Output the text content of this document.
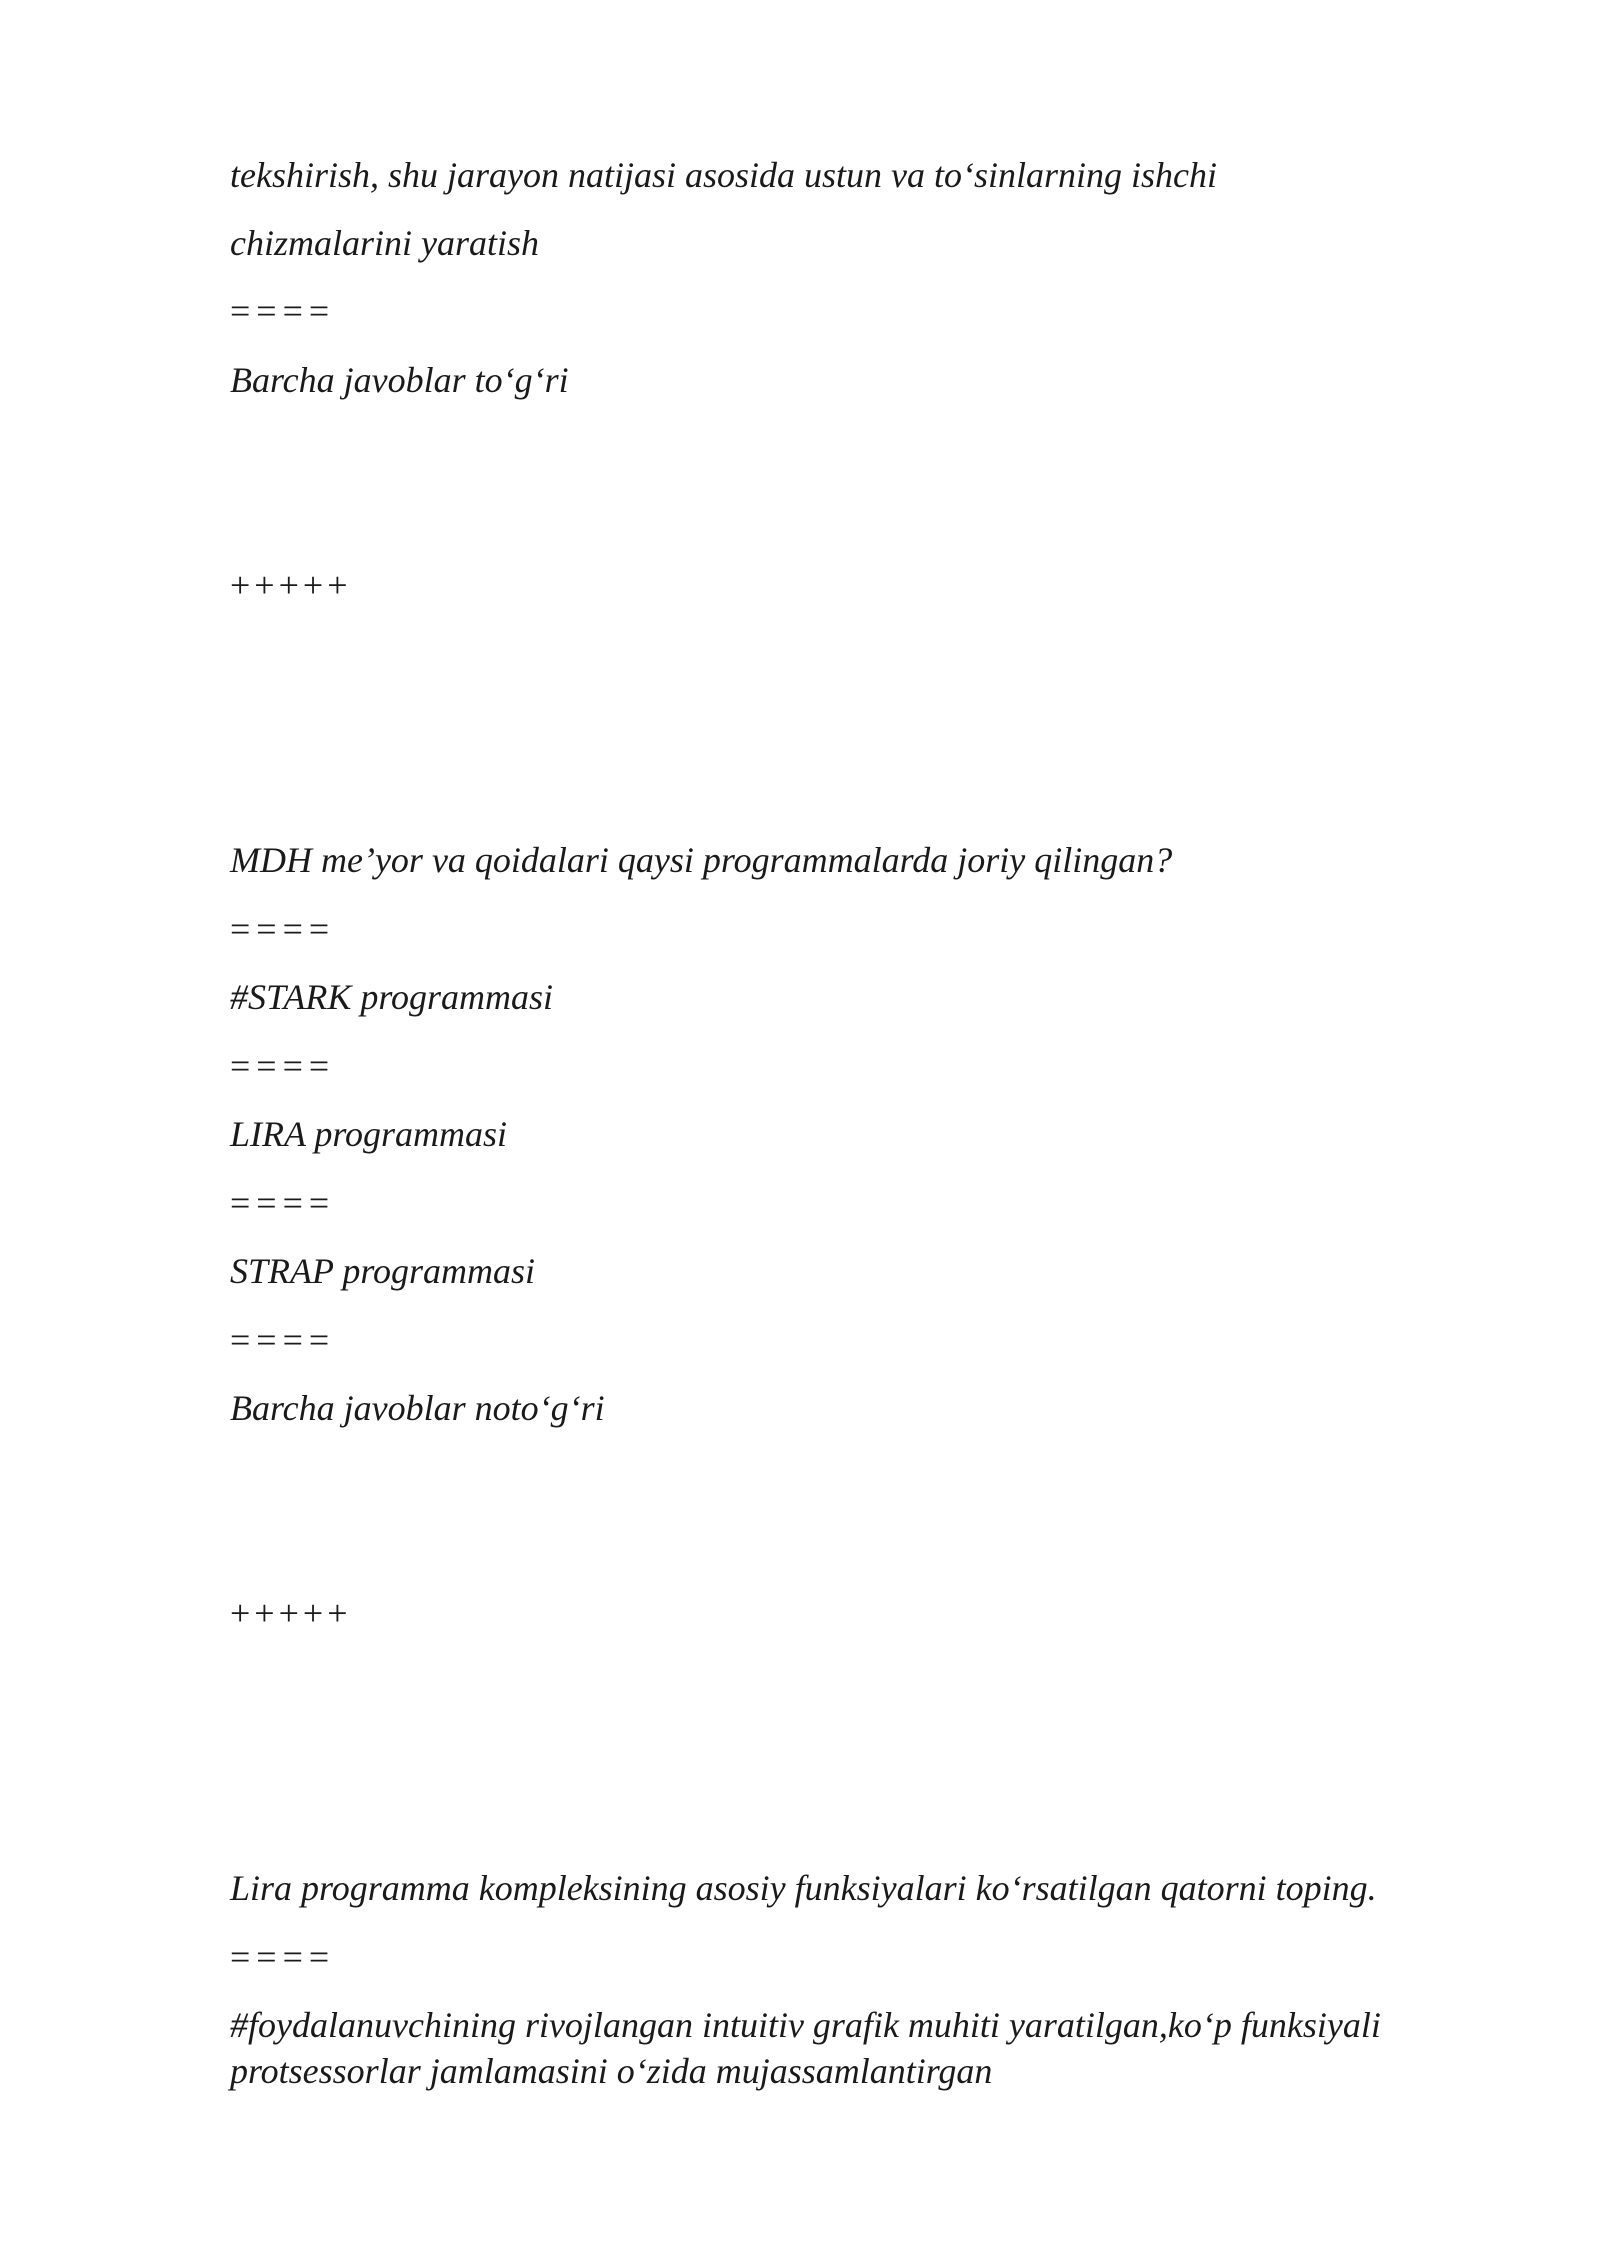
tekshirish, shu jarayon natijasi asosida ustun va to‘sinlarning ishchi
chizmalarini yaratish
====
Barcha javoblar to‘g‘ri
+++++
MDH me’yor va qoidalari qaysi programmalarda joriy qilingan?
====
#STARK programmasi
====
LIRA programmasi
====
STRAP programmasi
====
Barcha javoblar noto‘g‘ri
+++++
Lira programma kompleksining asosiy funksiyalari ko‘rsatilgan qatorni toping.
====
#foydalanuvchining rivojlangan intuitiv grafik muhiti yaratilgan,ko‘p funksiyali
protsessorlar jamlamasini o‘zida mujassamlantirgan
